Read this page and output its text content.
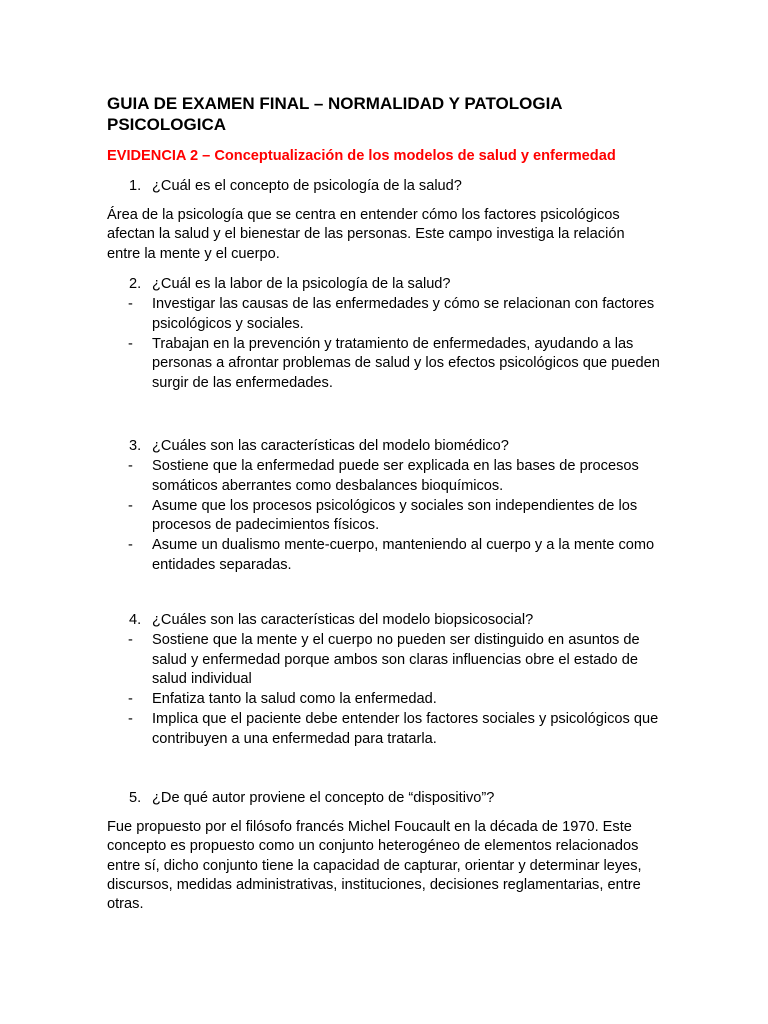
GUIA DE EXAMEN FINAL – NORMALIDAD Y PATOLOGIA PSICOLOGICA
EVIDENCIA 2 – Conceptualización de los modelos de salud y enfermedad
1. ¿Cuál es el concepto de psicología de la salud?

Área de la psicología que se centra en entender cómo los factores psicológicos afectan la salud y el bienestar de las personas. Este campo investiga la relación entre la mente y el cuerpo.

2. ¿Cuál es la labor de la psicología de la salud?
- Investigar las causas de las enfermedades y cómo se relacionan con factores psicológicos y sociales.
- Trabajan en la prevención y tratamiento de enfermedades, ayudando a las personas a afrontar problemas de salud y los efectos psicológicos que pueden surgir de las enfermedades.
3. ¿Cuáles son las características del modelo biomédico?
- Sostiene que la enfermedad puede ser explicada en las bases de procesos somáticos aberrantes como desbalances bioquímicos.
- Asume que los procesos psicológicos y sociales son independientes de los procesos de padecimientos físicos.
- Asume un dualismo mente-cuerpo, manteniendo al cuerpo y a la mente como entidades separadas.
4. ¿Cuáles son las características del modelo biopsicosocial?
- Sostiene que la mente y el cuerpo no pueden ser distinguido en asuntos de salud y enfermedad porque ambos son claras influencias obre el estado de salud individual
- Enfatiza tanto la salud como la enfermedad.
- Implica que el paciente debe entender los factores sociales y psicológicos que contribuyen a una enfermedad para tratarla.
5. ¿De qué autor proviene el concepto de “dispositivo”?

Fue propuesto por el filósofo francés Michel Foucault en la década de 1970. Este concepto es propuesto como un conjunto heterogéneo de elementos relacionados entre sí, dicho conjunto tiene la capacidad de capturar, orientar y determinar leyes, discursos, medidas administrativas, instituciones, decisiones reglamentarias, entre otras.
